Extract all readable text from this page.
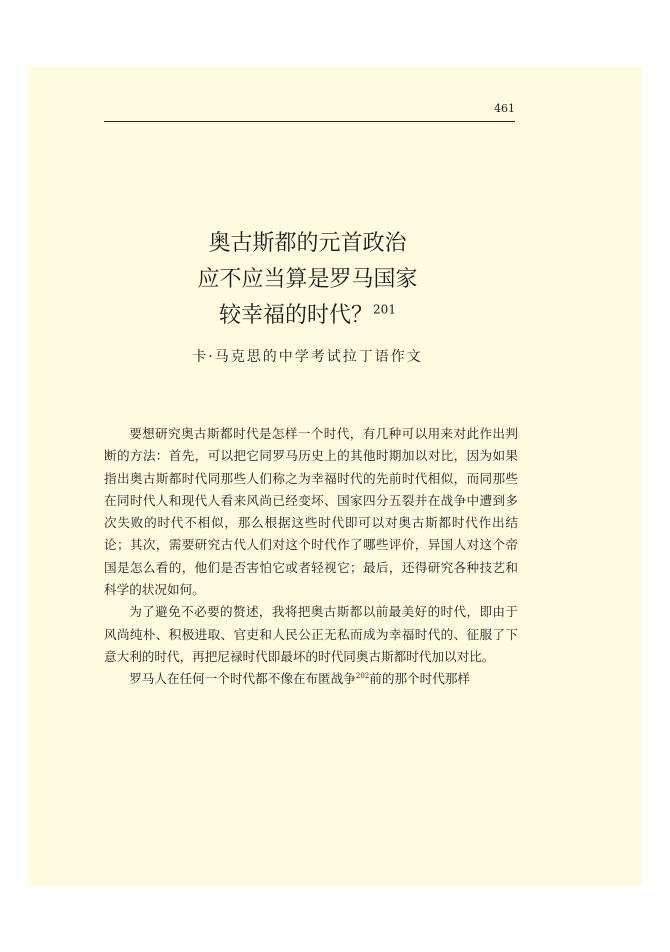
461
奥古斯都的元首政治
应不应当算是罗马国家
较幸福的时代？$^{201}$
卡·马克思的中学考试拉丁语作文

要想研究奥古斯都时代是怎样一个时代，有几种可以用来对此作出判断的方法：首先，可以把它同罗马历史上的其他时期加以对比，因为如果指出奥古斯都时代同那些人们称之为幸福时代的先前时代相似，而同那些在同时代人和现代人看来风尚已经变坏、国家四分五裂并在战争中遭到多次失败的时代不相似，那么根据这些时代即可以对奥古斯都时代作出结论；其次，需要研究古代人们对这个时代作了哪些评价，异国人对这个帝国是怎么看的，他们是否害怕它或者轻视它；最后，还得研究各种技艺和科学的状况如何。

为了避免不必要的赘述，我将把奥古斯都以前最美好的时代，即由于风尚纯朴、积极进取、官吏和人民公正无私而成为幸福时代的、征服了下意大利的时代，再把尼禄时代即最坏的时代同奥古斯都时代加以对比。

罗马人在任何一个时代都不像在布匿战争$^{202}$前的那个时代那样
